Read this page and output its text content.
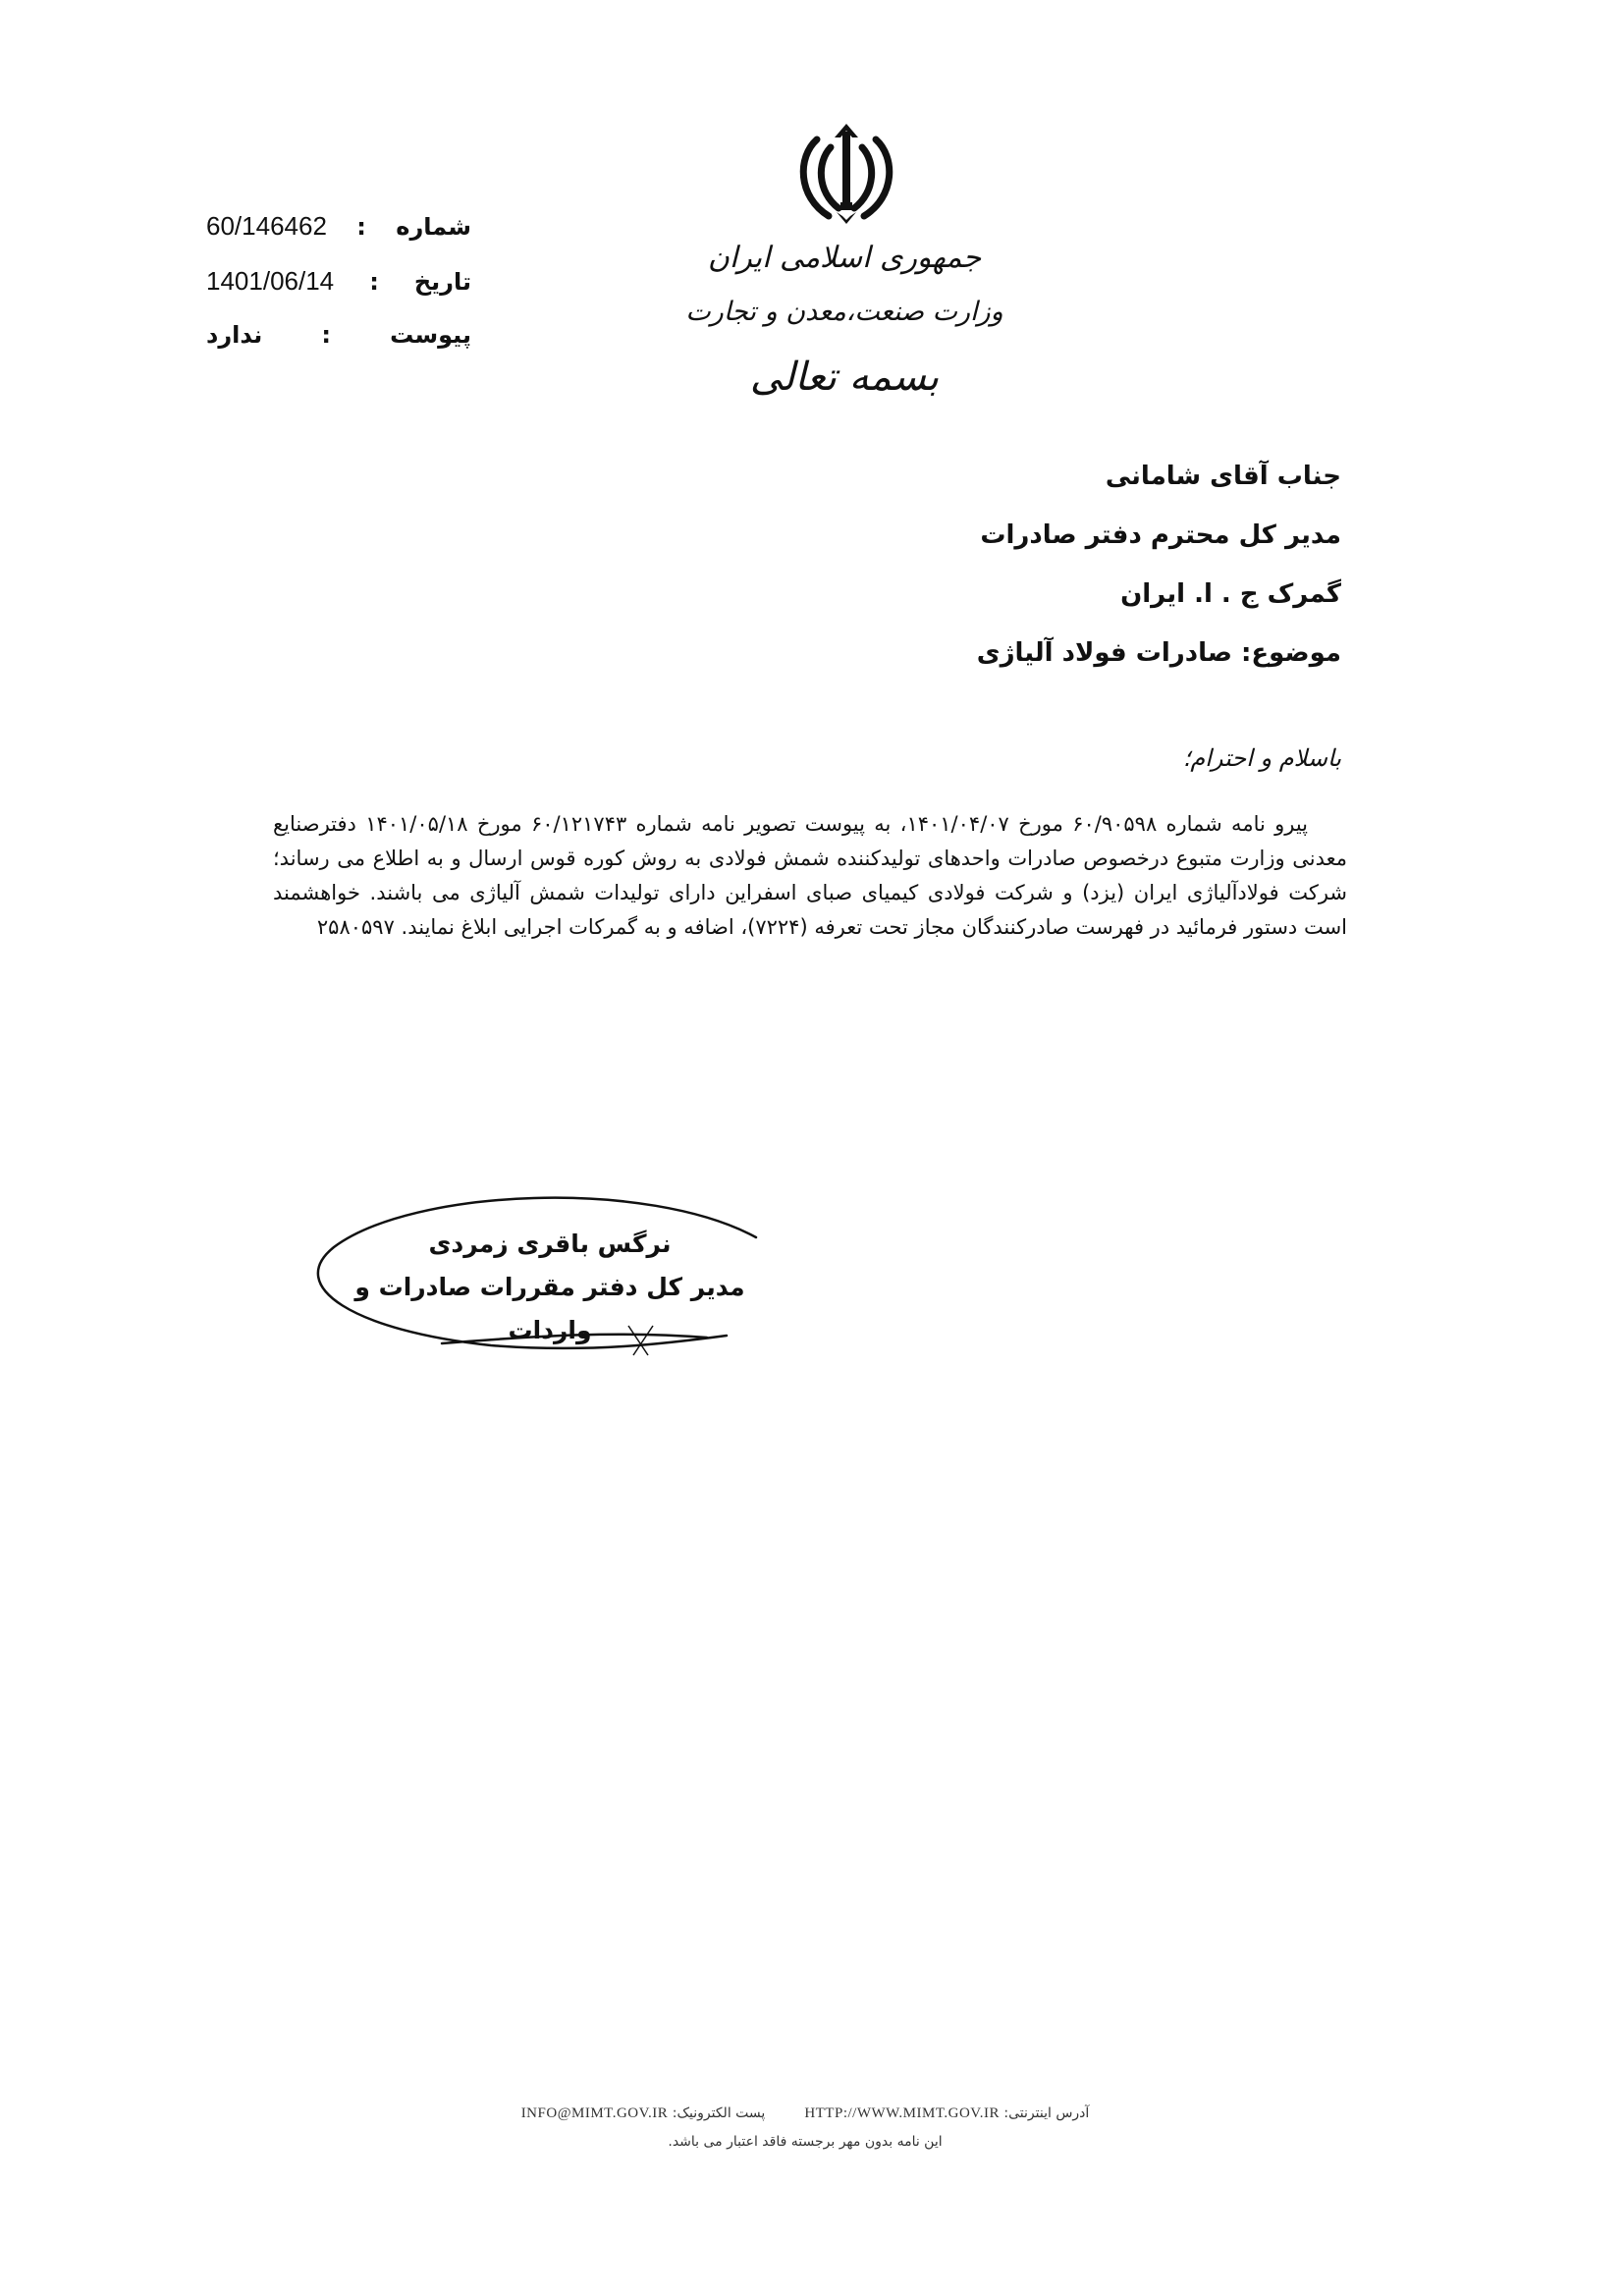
جمهوری اسلامی ایران
وزارت صنعت،معدن و تجارت
بسمه تعالی
60/146462 : شماره
1401/06/14 : تاریخ
ندارد	:	پیوست
جناب آقای شامانی
مدیر کل محترم دفتر صادرات
گمرک ج . ا. ایران
موضوع: صادرات فولاد آلیاژی
باسلام و احترام؛
پیرو نامه شماره ۶۰/۹۰۵۹۸ مورخ ۱۴۰۱/۰۴/۰۷، به پیوست تصویر نامه شماره ۶۰/۱۲۱۷۴۳ مورخ ۱۴۰۱/۰۵/۱۸ دفترصنایع معدنی وزارت متبوع درخصوص صادرات واحدهای تولیدکننده شمش فولادی به روش کوره قوس ارسال و به اطلاع می رساند؛ شرکت فولادآلیاژی ایران (یزد) و شرکت فولادی کیمیای صبای اسفراین دارای تولیدات شمش آلیاژی می باشند. خواهشمند است دستور فرمائید در فهرست صادرکنندگان مجاز تحت تعرفه (۷۲۲۴)، اضافه و به گمرکات اجرایی ابلاغ نمایند. ۲۵۸۰۵۹۷
نرگس باقری زمردی
مدیر کل دفتر مقررات صادرات و واردات
پست الکترونیک: INFO@MIMT.GOV.IR	آدرس اینترنتی: HTTP://WWW.MIMT.GOV.IR
این نامه بدون مهر برجسته فاقد اعتبار می باشد.
